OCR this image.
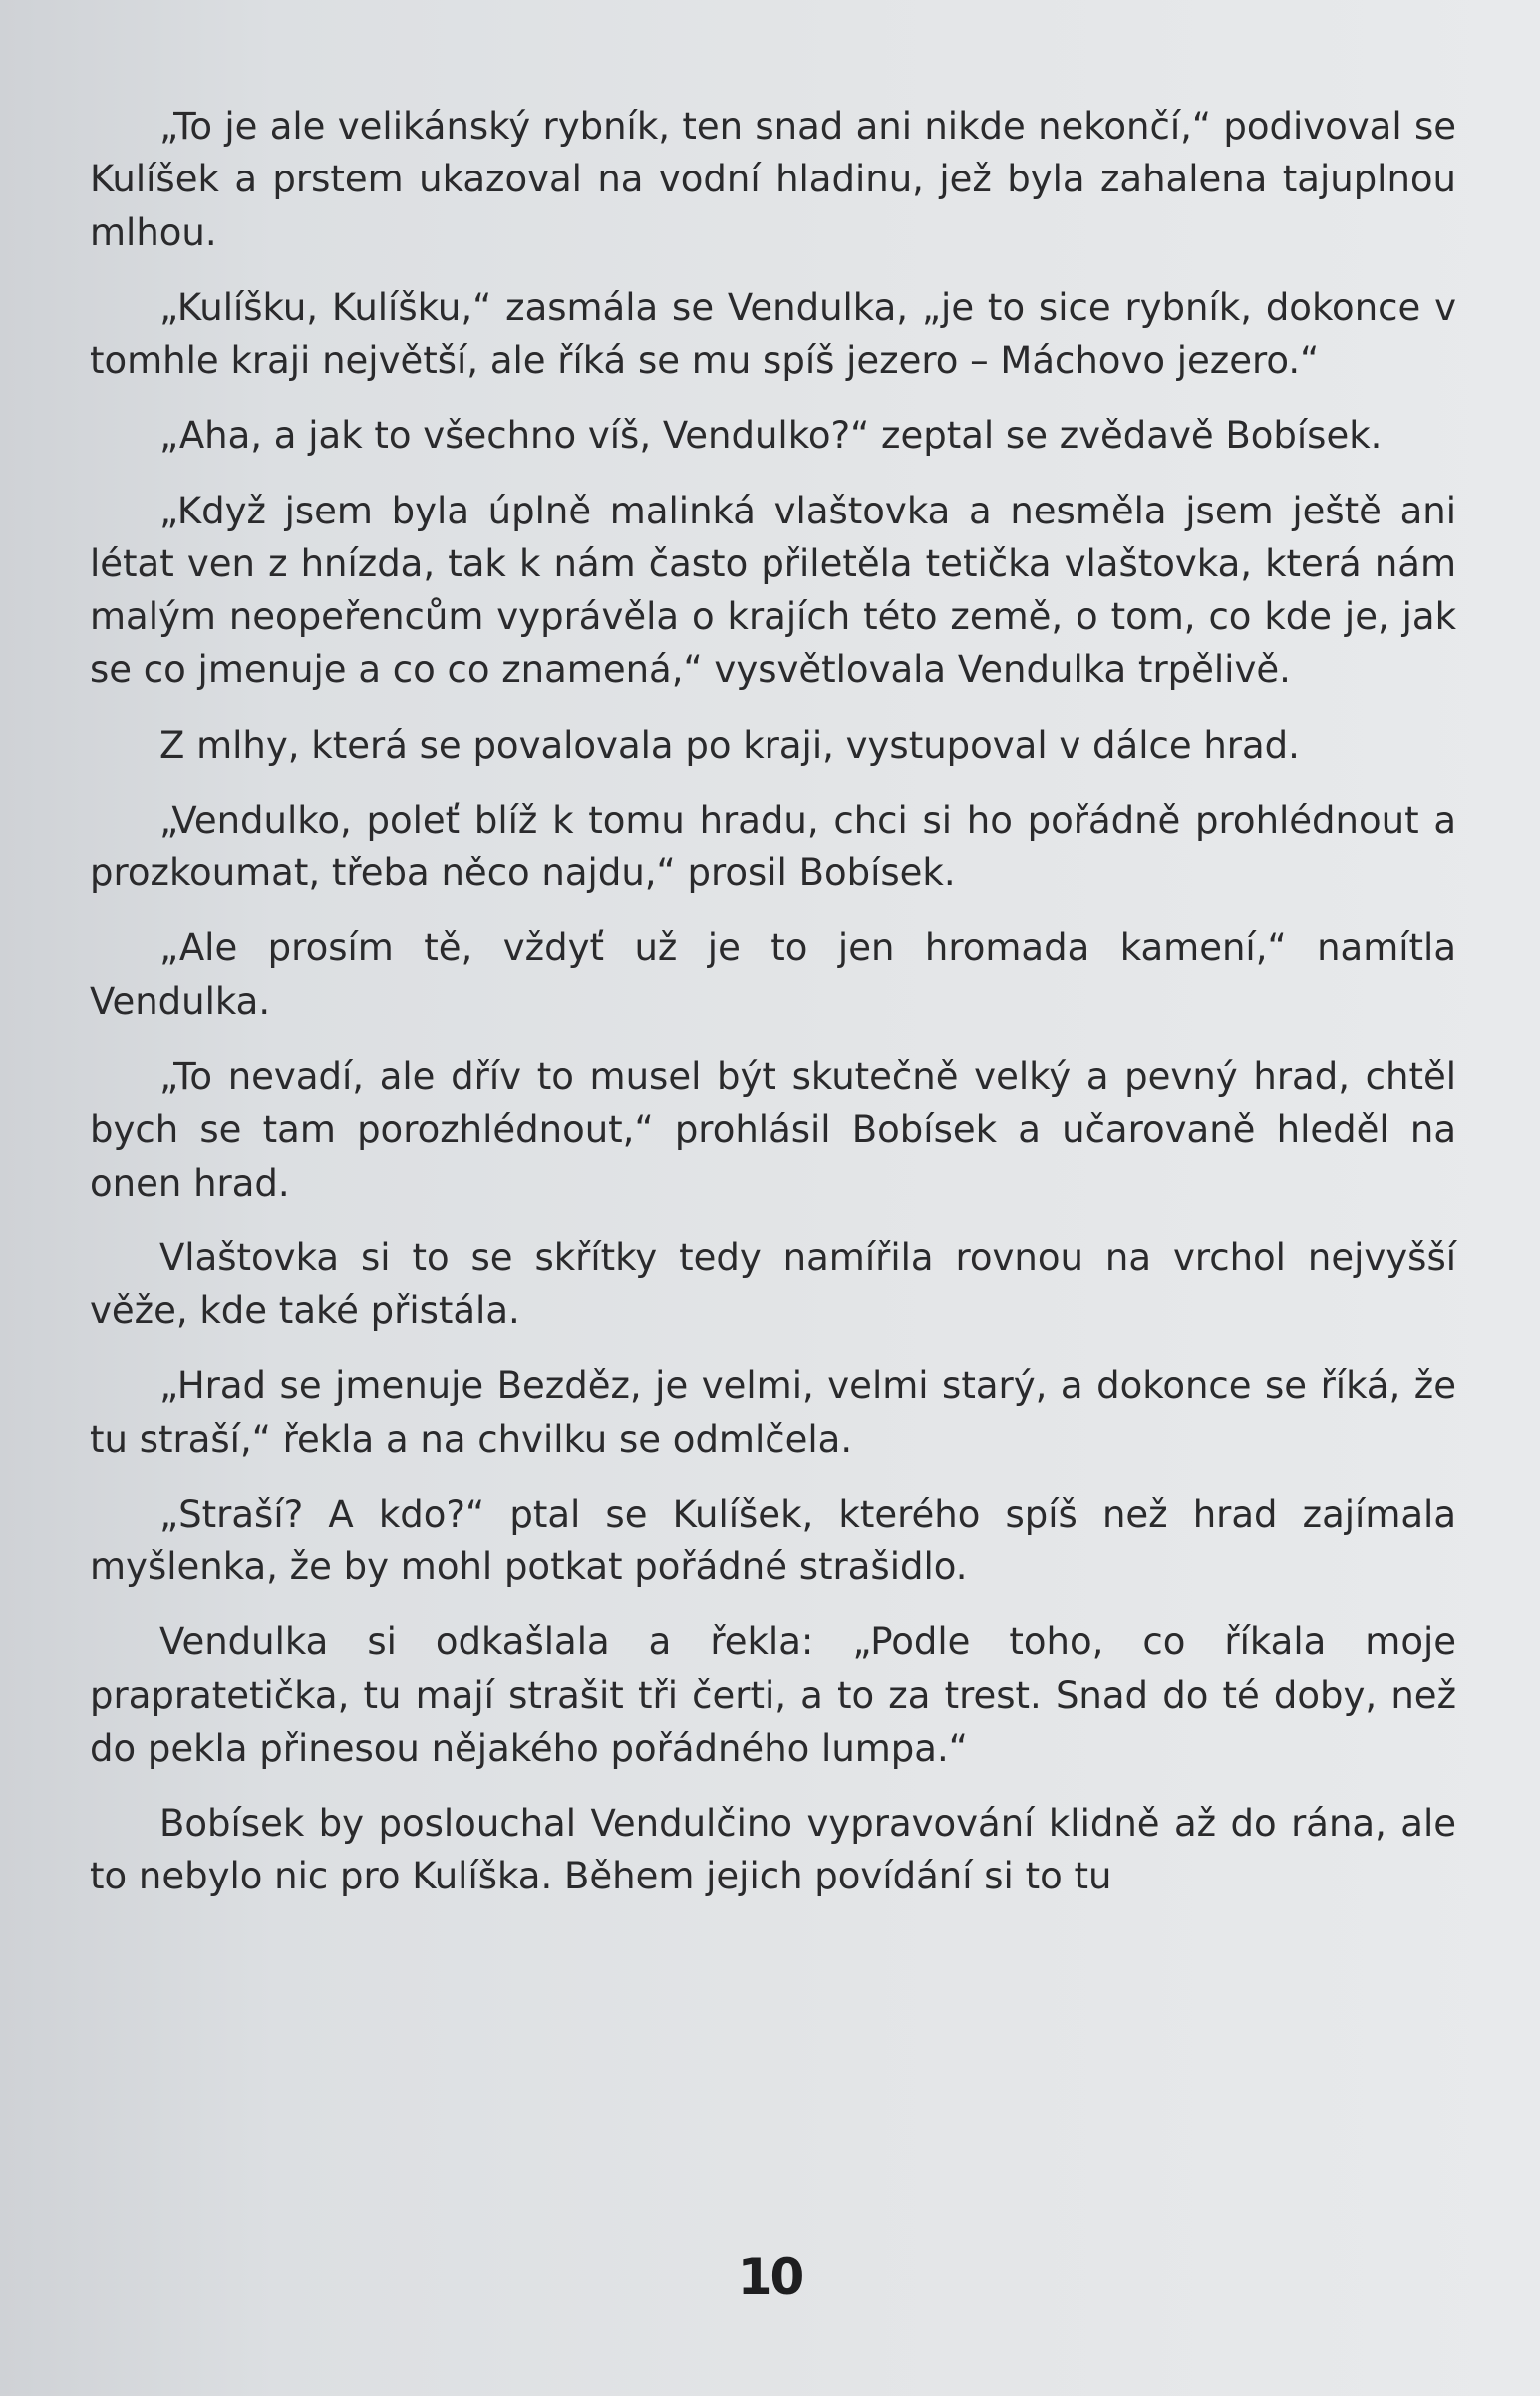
„To je ale velikánský rybník, ten snad ani nikde nekončí,“ podivoval se Kulíšek a prstem ukazoval na vodní hladinu, jež byla zahalena tajuplnou mlhou.

„Kulíšku, Kulíšku,“ zasmála se Vendulka, „je to sice rybník, dokonce v tomhle kraji největší, ale říká se mu spíš jezero – Máchovo jezero.“

„Aha, a jak to všechno víš, Vendulko?“ zeptal se zvědavě Bobísek.

„Když jsem byla úplně malinká vlaštovka a nesměla jsem ještě ani létat ven z hnízda, tak k nám často přiletěla tetička vlaštovka, která nám malým neopeřencům vyprávěla o krajích této země, o tom, co kde je, jak se co jmenuje a co co znamená,“ vysvětlovala Vendulka trpělivě.

Z mlhy, která se povalovala po kraji, vystupoval v dálce hrad.

„Vendulko, poleť blíž k tomu hradu, chci si ho pořádně prohlédnout a prozkoumat, třeba něco najdu,“ prosil Bobísek.

„Ale prosím tě, vždyť už je to jen hromada kamení,“ namítla Vendulka.

„To nevadí, ale dřív to musel být skutečně velký a pevný hrad, chtěl bych se tam porozhlédnout,“ prohlásil Bobísek a učarovaně hleděl na onen hrad.

Vlaštovka si to se skřítky tedy namířila rovnou na vrchol nejvyšší věže, kde také přistála.

„Hrad se jmenuje Bezděz, je velmi, velmi starý, a dokonce se říká, že tu straší,“ řekla a na chvilku se odmlčela.

„Straší? A kdo?“ ptal se Kulíšek, kterého spíš než hrad zajímala myšlenka, že by mohl potkat pořádné strašidlo.

Vendulka si odkašlala a řekla: „Podle toho, co říkala moje prapratetička, tu mají strašit tři čerti, a to za trest. Snad do té doby, než do pekla přinesou nějakého pořádného lumpa.“

Bobísek by poslouchal Vendulčino vypravování klidně až do rána, ale to nebylo nic pro Kulíška. Během jejich povídání si to tu

10
